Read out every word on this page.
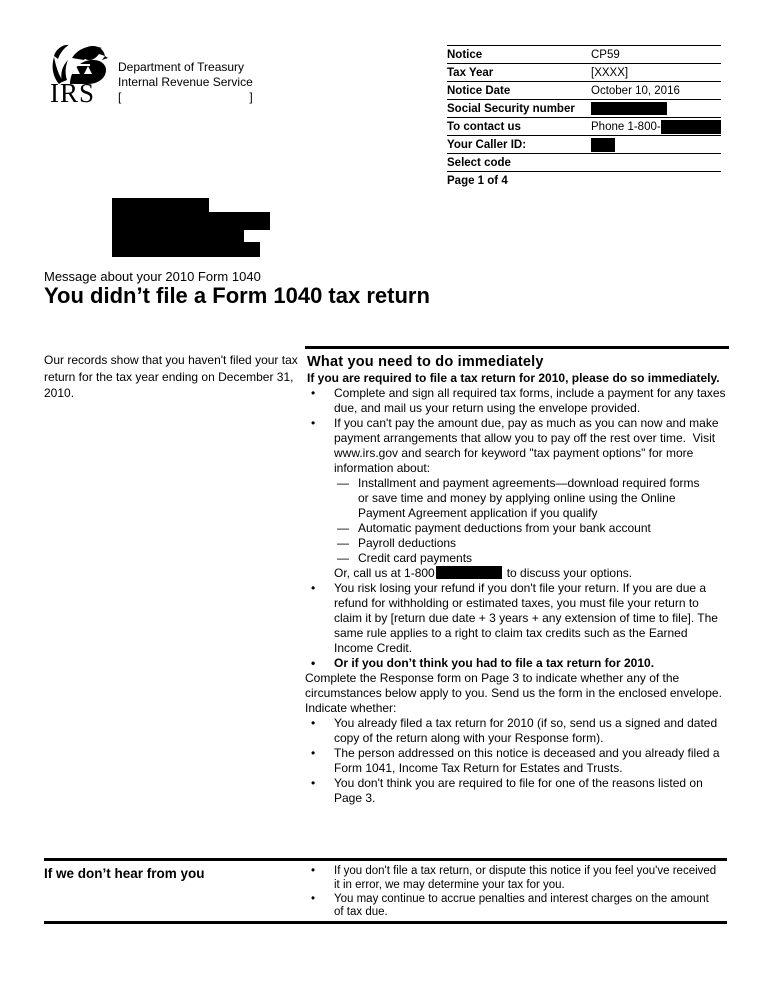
IRS
Department of Treasury
Internal Revenue Service
[	]
Notice	CP59
Tax Year	[XXXX]
Notice Date	October 10, 2016
Social Security number
To contact us	Phone 1-800-
Your Caller ID:
Select code
Page 1 of 4
Message about your 2010 Form 1040
You didn’t file a Form 1040 tax return

Our records show that you haven't filed your tax return for the tax year ending on December 31, 2010.

What you need to do immediately

If you are required to file a tax return for 2010, please do so immediately.

• Complete and sign all required tax forms, include a payment for any taxes due, and mail us your return using the envelope provided.
• If you can't pay the amount due, pay as much as you can now and make payment arrangements that allow you to pay off the rest over time.  Visit www.irs.gov and search for keyword "tax payment options" for more information about:
— Installment and payment agreements—download required forms or save time and money by applying online using the Online Payment Agreement application if you qualify
— Automatic payment deductions from your bank account
— Payroll deductions
— Credit card payments
Or, call us at 1-800	to discuss your options.
• You risk losing your refund if you don't file your return. If you are due a refund for withholding or estimated taxes, you must file your return to claim it by [return due date + 3 years + any extension of time to file]. The same rule applies to a right to claim tax credits such as the Earned Income Credit.
• Or if you don’t think you had to file a tax return for 2010.

Complete the Response form on Page 3 to indicate whether any of the circumstances below apply to you. Send us the form in the enclosed envelope.

Indicate whether:

• You already filed a tax return for 2010 (if so, send us a signed and dated copy of the return along with your Response form).
• The person addressed on this notice is deceased and you already filed a Form 1041, Income Tax Return for Estates and Trusts.
• You don't think you are required to file for one of the reasons listed on Page 3.
If we don’t hear from you	• If you don't file a tax return, or dispute this notice if you feel you've received it in error, we may determine your tax for you.
• You may continue to accrue penalties and interest charges on the amount of tax due.
